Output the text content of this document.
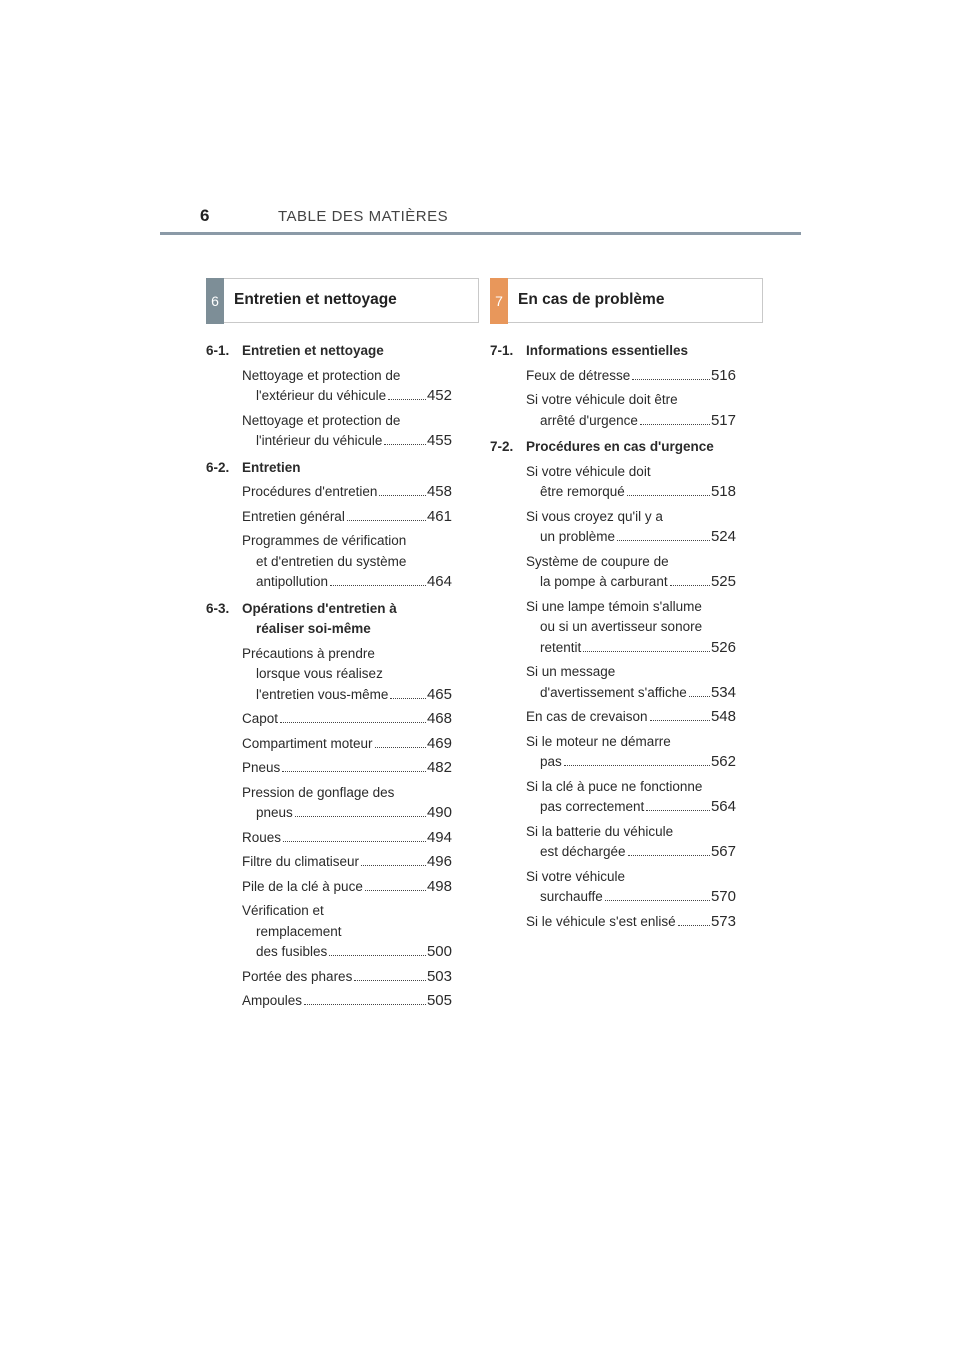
6	TABLE DES MATIÈRES
6 Entretien et nettoyage
6-1. Entretien et nettoyage
Nettoyage et protection de
l'extérieur du véhicule	452
Nettoyage et protection de
l'intérieur du véhicule	455
6-2. Entretien
Procédures d'entretien	458
Entretien général	461
Programmes de vérification
et d'entretien du système
antipollution	464
6-3. Opérations d'entretien à
réaliser soi-même
Précautions à prendre
lorsque vous réalisez
l'entretien vous-même	465
Capot	468
Compartiment moteur	469
Pneus	482
Pression de gonflage des
pneus	490
Roues	494
Filtre du climatiseur	496
Pile de la clé à puce	498
Vérification et
remplacement
des fusibles	500
Portée des phares	503
Ampoules	505
7 En cas de problème
7-1. Informations essentielles
Feux de détresse	516
Si votre véhicule doit être
arrêté d'urgence	517
7-2. Procédures en cas d'urgence
Si votre véhicule doit
être remorqué	518
Si vous croyez qu'il y a
un problème	524
Système de coupure de
la pompe à carburant	525
Si une lampe témoin s'allume
ou si un avertisseur sonore
retentit	526
Si un message
d'avertissement s'affiche 534
En cas de crevaison	548
Si le moteur ne démarre
pas	562
Si la clé à puce ne fonctionne
pas correctement	564
Si la batterie du véhicule
est déchargée	567
Si votre véhicule
surchauffe	570
Si le véhicule s'est enlisé 573
